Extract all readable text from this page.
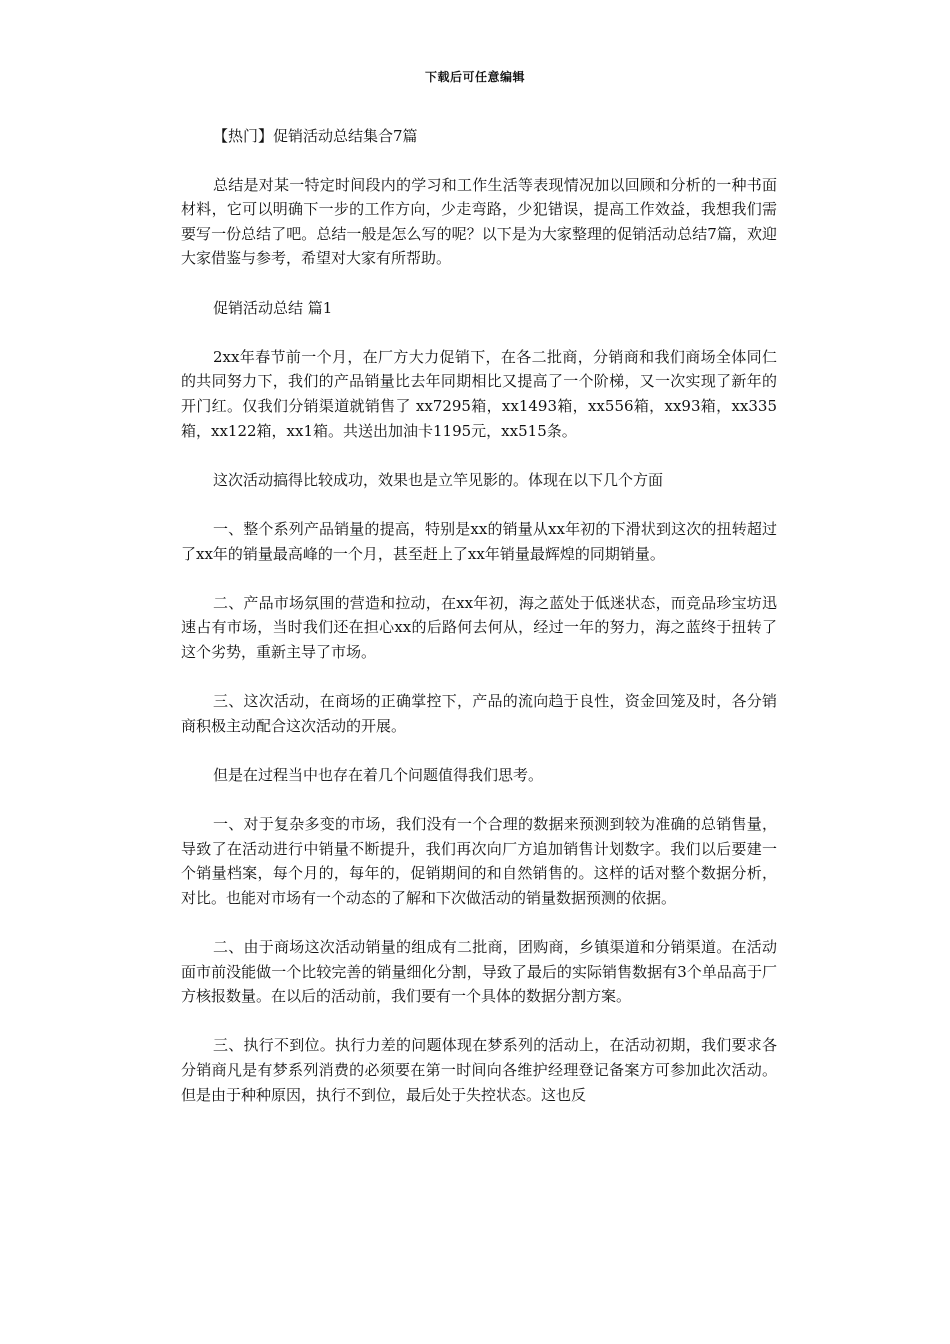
下载后可任意编辑
【热门】促销活动总结集合7篇

总结是对某一特定时间段内的学习和工作生活等表现情况加以回顾和分析的一种书面材料，它可以明确下一步的工作方向，少走弯路，少犯错误，提高工作效益，我想我们需要写一份总结了吧。总结一般是怎么写的呢？以下是为大家整理的促销活动总结7篇，欢迎大家借鉴与参考，希望对大家有所帮助。

促销活动总结 篇1

2xx年春节前一个月，在厂方大力促销下，在各二批商，分销商和我们商场全体同仁的共同努力下，我们的产品销量比去年同期相比又提高了一个阶梯，又一次实现了新年的开门红。仅我们分销渠道就销售了 xx7295箱，xx1493箱，xx556箱，xx93箱，xx335箱，xx122箱，xx1箱。共送出加油卡1195元，xx515条。

这次活动搞得比较成功，效果也是立竿见影的。体现在以下几个方面

一、整个系列产品销量的提高，特别是xx的销量从xx年初的下滑状到这次的扭转超过了xx年的销量最高峰的一个月，甚至赶上了xx年销量最辉煌的同期销量。

二、产品市场氛围的营造和拉动，在xx年初，海之蓝处于低迷状态，而竞品珍宝坊迅速占有市场，当时我们还在担心xx的后路何去何从，经过一年的努力，海之蓝终于扭转了这个劣势，重新主导了市场。

三、这次活动，在商场的正确掌控下，产品的流向趋于良性，资金回笼及时，各分销商积极主动配合这次活动的开展。

但是在过程当中也存在着几个问题值得我们思考。

一、对于复杂多变的市场，我们没有一个合理的数据来预测到较为准确的总销售量，导致了在活动进行中销量不断提升，我们再次向厂方追加销售计划数字。我们以后要建一个销量档案，每个月的，每年的，促销期间的和自然销售的。这样的话对整个数据分析，对比。也能对市场有一个动态的了解和下次做活动的销量数据预测的依据。

二、由于商场这次活动销量的组成有二批商，团购商，乡镇渠道和分销渠道。在活动面市前没能做一个比较完善的销量细化分割，导致了最后的实际销售数据有3个单品高于厂方核报数量。在以后的活动前，我们要有一个具体的数据分割方案。

三、执行不到位。执行力差的问题体现在梦系列的活动上，在活动初期，我们要求各分销商凡是有梦系列消费的必须要在第一时间向各维护经理登记备案方可参加此次活动。但是由于种种原因，执行不到位，最后处于失控状态。这也反
